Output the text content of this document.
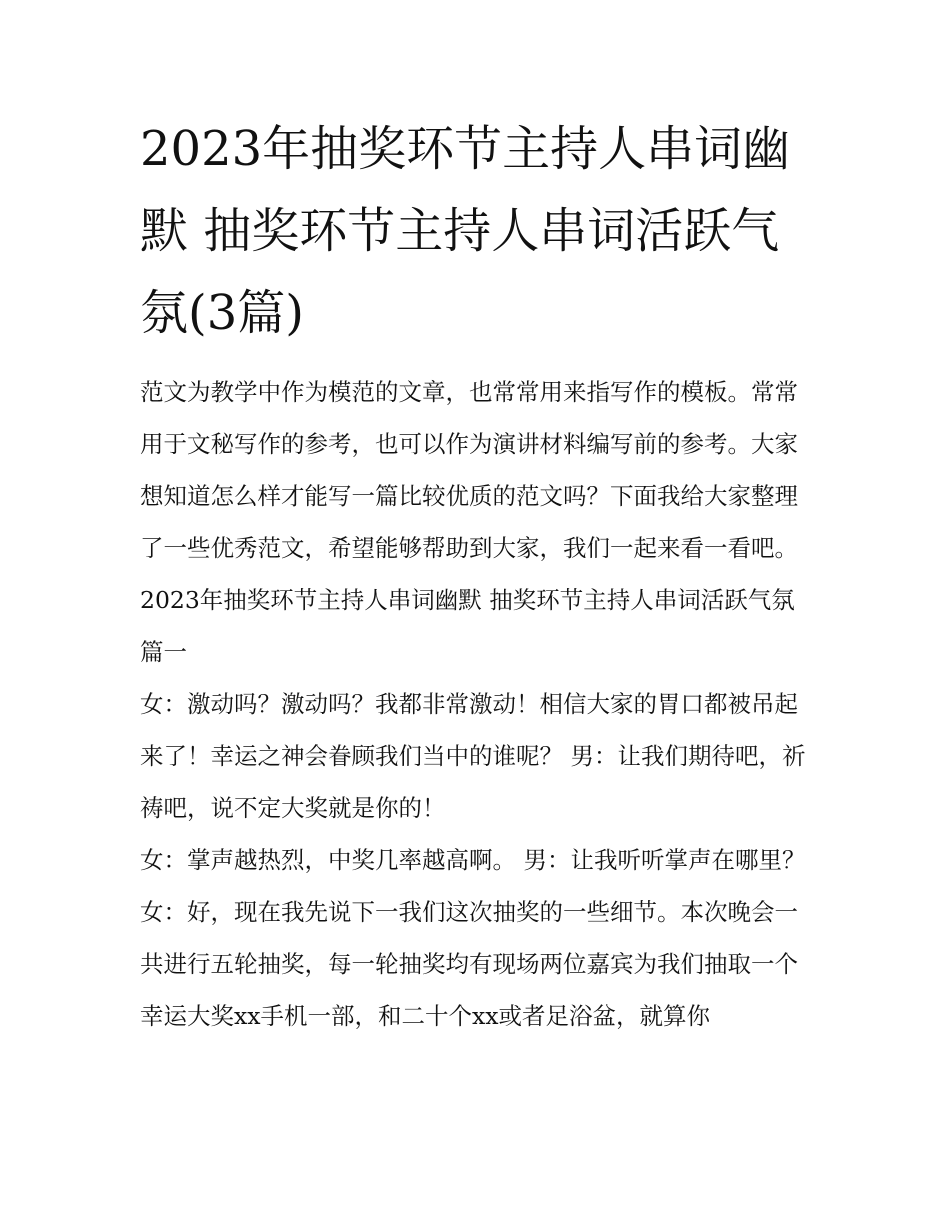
2023年抽奖环节主持人串词幽默 抽奖环节主持人串词活跃气氛(3篇)

范文为教学中作为模范的文章，也常常用来指写作的模板。常常用于文秘写作的参考，也可以作为演讲材料编写前的参考。大家想知道怎么样才能写一篇比较优质的范文吗？下面我给大家整理了一些优秀范文，希望能够帮助到大家，我们一起来看一看吧。

2023年抽奖环节主持人串词幽默 抽奖环节主持人串词活跃气氛篇一

女：激动吗？激动吗？我都非常激动！相信大家的胃口都被吊起来了！幸运之神会眷顾我们当中的谁呢？ 男：让我们期待吧，祈祷吧，说不定大奖就是你的！

女：掌声越热烈，中奖几率越高啊。 男：让我听听掌声在哪里？

女：好，现在我先说下一我们这次抽奖的一些细节。本次晚会一共进行五轮抽奖，每一轮抽奖均有现场两位嘉宾为我们抽取一个幸运大奖xx手机一部，和二十个xx或者足浴盆，就算你
